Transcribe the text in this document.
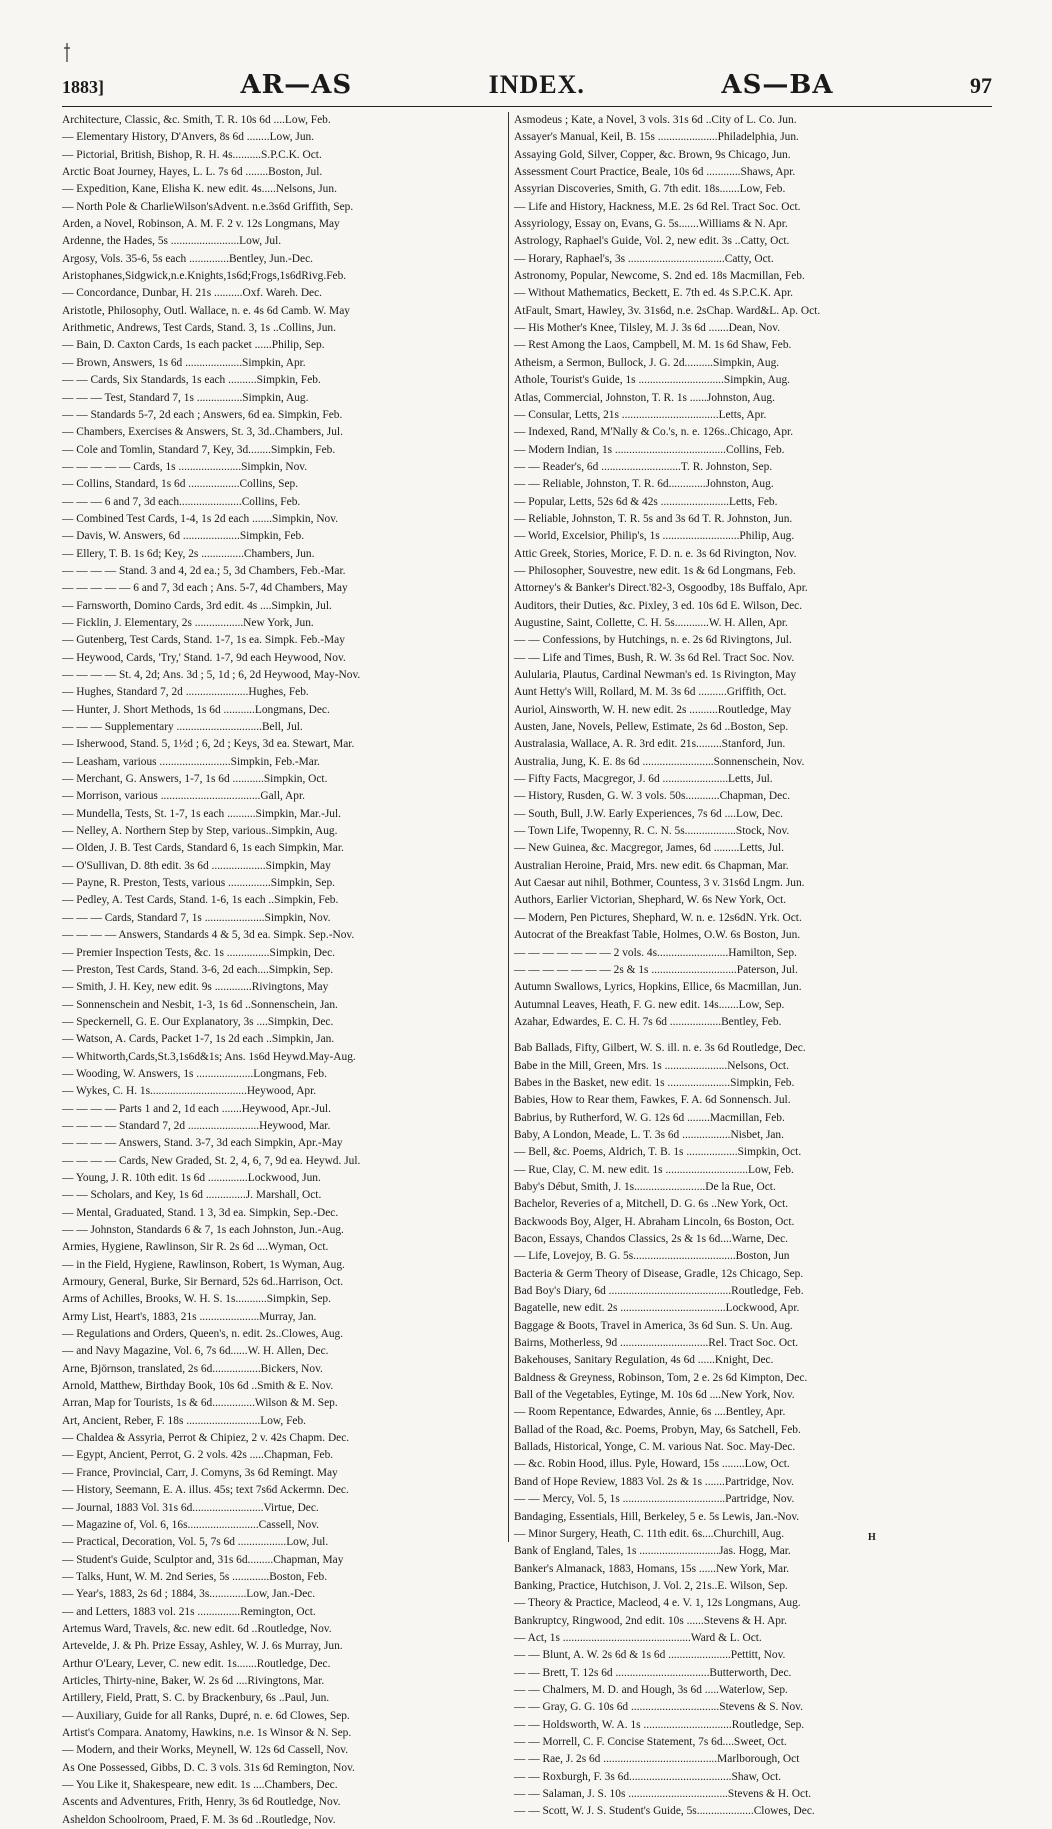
1883]	AR—AS	INDEX.	AS—BA	97
Architecture, Classic, &c. Smith, T. R. 10s 6d ....Low, Feb.
— Elementary History, D'Anvers, 8s 6d ........Low, Jun.
— Pictorial, British, Bishop, R. H. 4s..........S.P.C.K. Oct.
Arctic Boat Journey, Hayes, L. L. 7s 6d ........Boston, Jul.
— Expedition, Kane, Elisha K. new edit. 4s.....Nelsons, Jun.
— North Pole & CharlieWilson'sAdvent. n.e.3s6d Griffith, Sep.
Arden, a Novel, Robinson, A. M. F. 2 v. 12s Longmans, May
Ardenne, the Hades, 5s ........................Low, Jul.
Argosy, Vols. 35-6, 5s each ..............Bentley, Jun.-Dec.
Aristophanes,Sidgwick,n.e.Knights,1s6d;Frogs,1s6dRivg.Feb.
— Concordance, Dunbar, H. 21s ..........Oxf. Wareh. Dec.
Aristotle, Philosophy, Outl. Wallace, n. e. 4s 6d Camb. W. May
Arithmetic, Andrews, Test Cards, Stand. 3, 1s ..Collins, Jun.
— Bain, D. Caxton Cards, 1s each packet ......Philip, Sep.
— Brown, Answers, 1s 6d ....................Simpkin, Apr.
— — Cards, Six Standards, 1s each ..........Simpkin, Feb.
— — — Test, Standard 7, 1s ................Simpkin, Aug.
— — Standards 5-7, 2d each ; Answers, 6d ea. Simpkin, Feb.
— Chambers, Exercises & Answers, St. 3, 3d..Chambers, Jul.
— Cole and Tomlin, Standard 7, Key, 3d........Simpkin, Feb.
— — — — — Cards, 1s ......................Simpkin, Nov.
— Collins, Standard, 1s 6d ..................Collins, Sep.
— — — 6 and 7, 3d each......................Collins, Feb.
— Combined Test Cards, 1-4, 1s 2d each .......Simpkin, Nov.
— Davis, W. Answers, 6d ....................Simpkin, Feb.
— Ellery, T. B. 1s 6d; Key, 2s ...............Chambers, Jun.
— — — — Stand. 3 and 4, 2d ea.; 5, 3d Chambers, Feb.-Mar.
— — — — — 6 and 7, 3d each ; Ans. 5-7, 4d Chambers, May
— Farnsworth, Domino Cards, 3rd edit. 4s ....Simpkin, Jul.
— Ficklin, J. Elementary, 2s .................New York, Jun.
— Gutenberg, Test Cards, Stand. 1-7, 1s ea. Simpk. Feb.-May
— Heywood, Cards, 'Try,' Stand. 1-7, 9d each Heywood, Nov.
— — — — St. 4, 2d; Ans. 3d ; 5, 1d ; 6, 2d Heywood, May-Nov.
— Hughes, Standard 7, 2d ......................Hughes, Feb.
— Hunter, J. Short Methods, 1s 6d ...........Longmans, Dec.
— — — Supplementary ..............................Bell, Jul.
— Isherwood, Stand. 5, 1½d ; 6, 2d ; Keys, 3d ea. Stewart, Mar.
— Leasham, various .........................Simpkin, Feb.-Mar.
— Merchant, G. Answers, 1-7, 1s 6d ...........Simpkin, Oct.
— Morrison, various ...................................Gall, Apr.
— Mundella, Tests, St. 1-7, 1s each ..........Simpkin, Mar.-Jul.
— Nelley, A. Northern Step by Step, various..Simpkin, Aug.
— Olden, J. B. Test Cards, Standard 6, 1s each Simpkin, Mar.
— O'Sullivan, D. 8th edit. 3s 6d ...................Simpkin, May
— Payne, R. Preston, Tests, various ...............Simpkin, Sep.
— Pedley, A. Test Cards, Stand. 1-6, 1s each ..Simpkin, Feb.
— — — Cards, Standard 7, 1s .....................Simpkin, Nov.
— — — — Answers, Standards 4 & 5, 3d ea. Simpk. Sep.-Nov.
— Premier Inspection Tests, &c. 1s ...............Simpkin, Dec.
— Preston, Test Cards, Stand. 3-6, 2d each....Simpkin, Sep.
— Smith, J. H. Key, new edit. 9s .............Rivingtons, May
— Sonnenschein and Nesbit, 1-3, 1s 6d ..Sonnenschein, Jan.
— Speckernell, G. E. Our Explanatory, 3s ....Simpkin, Dec.
— Watson, A. Cards, Packet 1-7, 1s 2d each ..Simpkin, Jan.
— Whitworth,Cards,St.3,1s6d&1s; Ans. 1s6d Heywd.May-Aug.
— Wooding, W. Answers, 1s ....................Longmans, Feb.
— Wykes, C. H. 1s..................................Heywood, Apr.
— — — — Parts 1 and 2, 1d each .......Heywood, Apr.-Jul.
— — — — Standard 7, 2d .........................Heywood, Mar.
— — — — Answers, Stand. 3-7, 3d each Simpkin, Apr.-May
— — — — Cards, New Graded, St. 2, 4, 6, 7, 9d ea. Heywd. Jul.
— Young, J. R. 10th edit. 1s 6d ..............Lockwood, Jun.
— — Scholars, and Key, 1s 6d ..............J. Marshall, Oct.
— Mental, Graduated, Stand. 1 3, 3d ea. Simpkin, Sep.-Dec.
— — Johnston, Standards 6 & 7, 1s each Johnston, Jun.-Aug.
Armies, Hygiene, Rawlinson, Sir R. 2s 6d ....Wyman, Oct.
— in the Field, Hygiene, Rawlinson, Robert, 1s Wyman, Aug.
Armoury, General, Burke, Sir Bernard, 52s 6d..Harrison, Oct.
Arms of Achilles, Brooks, W. H. S. 1s...........Simpkin, Sep.
Army List, Heart's, 1883, 21s .....................Murray, Jan.
— Regulations and Orders, Queen's, n. edit. 2s..Clowes, Aug.
— and Navy Magazine, Vol. 6, 7s 6d......W. H. Allen, Dec.
Arne, Björnson, translated, 2s 6d.................Bickers, Nov.
Arnold, Matthew, Birthday Book, 10s 6d ..Smith & E. Nov.
Arran, Map for Tourists, 1s & 6d...............Wilson & M. Sep.
Art, Ancient, Reber, F. 18s ..........................Low, Feb.
— Chaldea & Assyria, Perrot & Chipiez, 2 v. 42s Chapm. Dec.
— Egypt, Ancient, Perrot, G. 2 vols. 42s .....Chapman, Feb.
— France, Provincial, Carr, J. Comyns, 3s 6d Remingt. May
— History, Seemann, E. A. illus. 45s; text 7s6d Ackermn. Dec.
— Journal, 1883 Vol. 31s 6d.........................Virtue, Dec.
— Magazine of, Vol. 6, 16s.........................Cassell, Nov.
— Practical, Decoration, Vol. 5, 7s 6d .................Low, Jul.
— Student's Guide, Sculptor and, 31s 6d.........Chapman, May
— Talks, Hunt, W. M. 2nd Series, 5s .............Boston, Feb.
— Year's, 1883, 2s 6d ; 1884, 3s.............Low, Jan.-Dec.
— and Letters, 1883 vol. 21s ...............Remington, Oct.
Artemus Ward, Travels, &c. new edit. 6d ..Routledge, Nov.
Artevelde, J. & Ph. Prize Essay, Ashley, W. J. 6s Murray, Jun.
Arthur O'Leary, Lever, C. new edit. 1s.......Routledge, Dec.
Articles, Thirty-nine, Baker, W. 2s 6d ....Rivingtons, Mar.
Artillery, Field, Pratt, S. C. by Brackenbury, 6s ..Paul, Jun.
— Auxiliary, Guide for all Ranks, Dupré, n. e. 6d Clowes, Sep.
Artist's Compara. Anatomy, Hawkins, n.e. 1s Winsor & N. Sep.
— Modern, and their Works, Meynell, W. 12s 6d Cassell, Nov.
As One Possessed, Gibbs, D. C. 3 vols. 31s 6d Remington, Nov.
— You Like it, Shakespeare, new edit. 1s ....Chambers, Dec.
Ascents and Adventures, Frith, Henry, 3s 6d Routledge, Nov.
Asheldon Schoolroom, Praed, F. M. 3s 6d ..Routledge, Nov.
Asmodeus ; Kate, a Novel, 3 vols. 31s 6d ..City of L. Co. Jun.
Assayer's Manual, Keil, B. 15s .....................Philadelphia, Jun.
Assaying Gold, Silver, Copper, &c. Brown, 9s Chicago, Jun.
Assessment Court Practice, Beale, 10s 6d ............Shaws, Apr.
Assyrian Discoveries, Smith, G. 7th edit. 18s.......Low, Feb.
— Life and History, Hackness, M.E. 2s 6d Rel. Tract Soc. Oct.
Assyriology, Essay on, Evans, G. 5s.......Williams & N. Apr.
Astrology, Raphael's Guide, Vol. 2, new edit. 3s ..Catty, Oct.
— Horary, Raphael's, 3s ..................................Catty, Oct.
Astronomy, Popular, Newcome, S. 2nd ed. 18s Macmillan, Feb.
— Without Mathematics, Beckett, E. 7th ed. 4s S.P.C.K. Apr.
AtFault, Smart, Hawley, 3v. 31s6d, n.e. 2sChap. Ward&L. Ap. Oct.
— His Mother's Knee, Tilsley, M. J. 3s 6d .......Dean, Nov.
— Rest Among the Laos, Campbell, M. M. 1s 6d Shaw, Feb.
Atheism, a Sermon, Bullock, J. G. 2d..........Simpkin, Aug.
Athole, Tourist's Guide, 1s ..............................Simpkin, Aug.
Atlas, Commercial, Johnston, T. R. 1s ......Johnston, Aug.
— Consular, Letts, 21s ..................................Letts, Apr.
— Indexed, Rand, M'Nally & Co.'s, n. e. 126s..Chicago, Apr.
— Modern Indian, 1s .......................................Collins, Feb.
— — Reader's, 6d ............................T. R. Johnston, Sep.
— — Reliable, Johnston, T. R. 6d.............Johnston, Aug.
— Popular, Letts, 52s 6d & 42s ........................Letts, Feb.
— Reliable, Johnston, T. R. 5s and 3s 6d T. R. Johnston, Jun.
— World, Excelsior, Philip's, 1s ...........................Philip, Aug.
Attic Greek, Stories, Morice, F. D. n. e. 3s 6d Rivington, Nov.
— Philosopher, Souvestre, new edit. 1s & 6d Longmans, Feb.
Attorney's & Banker's Direct.'82-3, Osgoodby, 18s Buffalo, Apr.
Auditors, their Duties, &c. Pixley, 3 ed. 10s 6d E. Wilson, Dec.
Augustine, Saint, Collette, C. H. 5s............W. H. Allen, Apr.
— — Confessions, by Hutchings, n. e. 2s 6d Rivingtons, Jul.
— — Life and Times, Bush, R. W. 3s 6d Rel. Tract Soc. Nov.
Aulularia, Plautus, Cardinal Newman's ed. 1s Rivington, May
Aunt Hetty's Will, Rollard, M. M. 3s 6d ..........Griffith, Oct.
Auriol, Ainsworth, W. H. new edit. 2s ..........Routledge, May
Austen, Jane, Novels, Pellew, Estimate, 2s 6d ..Boston, Sep.
Australasia, Wallace, A. R. 3rd edit. 21s.........Stanford, Jun.
Australia, Jung, K. E. 8s 6d .........................Sonnenschein, Nov.
— Fifty Facts, Macgregor, J. 6d .......................Letts, Jul.
— History, Rusden, G. W. 3 vols. 50s............Chapman, Dec.
— South, Bull, J.W. Early Experiences, 7s 6d ....Low, Dec.
— Town Life, Twopenny, R. C. N. 5s..................Stock, Nov.
— New Guinea, &c. Macgregor, James, 6d .........Letts, Jul.
Australian Heroine, Praid, Mrs. new edit. 6s Chapman, Mar.
Aut Caesar aut nihil, Bothmer, Countess, 3 v. 31s6d Lngm. Jun.
Authors, Earlier Victorian, Shephard, W. 6s New York, Oct.
— Modern, Pen Pictures, Shephard, W. n. e. 12s6dN. Yrk. Oct.
Autocrat of the Breakfast Table, Holmes, O.W. 6s Boston, Jun.
— — — — — — — 2 vols. 4s.........................Hamilton, Sep.
— — — — — — — 2s & 1s ..............................Paterson, Jul.
Autumn Swallows, Lyrics, Hopkins, Ellice, 6s Macmillan, Jun.
Autumnal Leaves, Heath, F. G. new edit. 14s.......Low, Sep.
Azahar, Edwardes, E. C. H. 7s 6d ..................Bentley, Feb.
Bab Ballads, Fifty, Gilbert, W. S. ill. n. e. 3s 6d Routledge, Dec.
Babe in the Mill, Green, Mrs. 1s ......................Nelsons, Oct.
Babes in the Basket, new edit. 1s ......................Simpkin, Feb.
Babies, How to Rear them, Fawkes, F. A. 6d Sonnensch. Jul.
Babrius, by Rutherford, W. G. 12s 6d ........Macmillan, Feb.
Baby, A London, Meade, L. T. 3s 6d .................Nisbet, Jan.
— Bell, &c. Poems, Aldrich, T. B. 1s ..................Simpkin, Oct.
— Rue, Clay, C. M. new edit. 1s .............................Low, Feb.
Baby's Début, Smith, J. 1s.........................De la Rue, Oct.
Bachelor, Reveries of a, Mitchell, D. G. 6s ..New York, Oct.
Backwoods Boy, Alger, H. Abraham Lincoln, 6s Boston, Oct.
Bacon, Essays, Chandos Classics, 2s & 1s 6d....Warne, Dec.
— Life, Lovejoy, B. G. 5s....................................Boston, Jun
Bacteria & Germ Theory of Disease, Gradle, 12s Chicago, Sep.
Bad Boy's Diary, 6d ...........................................Routledge, Feb.
Bagatelle, new edit. 2s .....................................Lockwood, Apr.
Baggage & Boots, Travel in America, 3s 6d Sun. S. Un. Aug.
Bairns, Motherless, 9d ...............................Rel. Tract Soc. Oct.
Bakehouses, Sanitary Regulation, 4s 6d ......Knight, Dec.
Baldness & Greyness, Robinson, Tom, 2 e. 2s 6d Kimpton, Dec.
Ball of the Vegetables, Eytinge, M. 10s 6d ....New York, Nov.
— Room Repentance, Edwardes, Annie, 6s ....Bentley, Apr.
Ballad of the Road, &c. Poems, Probyn, May, 6s Satchell, Feb.
Ballads, Historical, Yonge, C. M. various Nat. Soc. May-Dec.
— &c. Robin Hood, illus. Pyle, Howard, 15s ........Low, Oct.
Band of Hope Review, 1883 Vol. 2s & 1s .......Partridge, Nov.
— — Mercy, Vol. 5, 1s ....................................Partridge, Nov.
Bandaging, Essentials, Hill, Berkeley, 5 e. 5s Lewis, Jan.-Nov.
— Minor Surgery, Heath, C. 11th edit. 6s....Churchill, Aug.
Bank of England, Tales, 1s ............................Jas. Hogg, Mar.
Banker's Almanack, 1883, Homans, 15s ......New York, Mar.
Banking, Practice, Hutchison, J. Vol. 2, 21s..E. Wilson, Sep.
— Theory & Practice, Macleod, 4 e. V. 1, 12s Longmans, Aug.
Bankruptcy, Ringwood, 2nd edit. 10s ......Stevens & H. Apr.
— Act, 1s .............................................Ward & L. Oct.
— — Blunt, A. W. 2s 6d & 1s 6d ......................Pettitt, Nov.
— — Brett, T. 12s 6d .................................Butterworth, Dec.
— — Chalmers, M. D. and Hough, 3s 6d .....Waterlow, Sep.
— — Gray, G. G. 10s 6d ...............................Stevens & S. Nov.
— — Holdsworth, W. A. 1s ...............................Routledge, Sep.
— — Morrell, C. F. Concise Statement, 7s 6d....Sweet, Oct.
— — Rae, J. 2s 6d ........................................Marlborough, Oct
— — Roxburgh, F. 3s 6d....................................Shaw, Oct.
— — Salaman, J. S. 10s ...................................Stevens & H. Oct.
— — Scott, W. J. S. Student's Guide, 5s....................Clowes, Dec.
H
